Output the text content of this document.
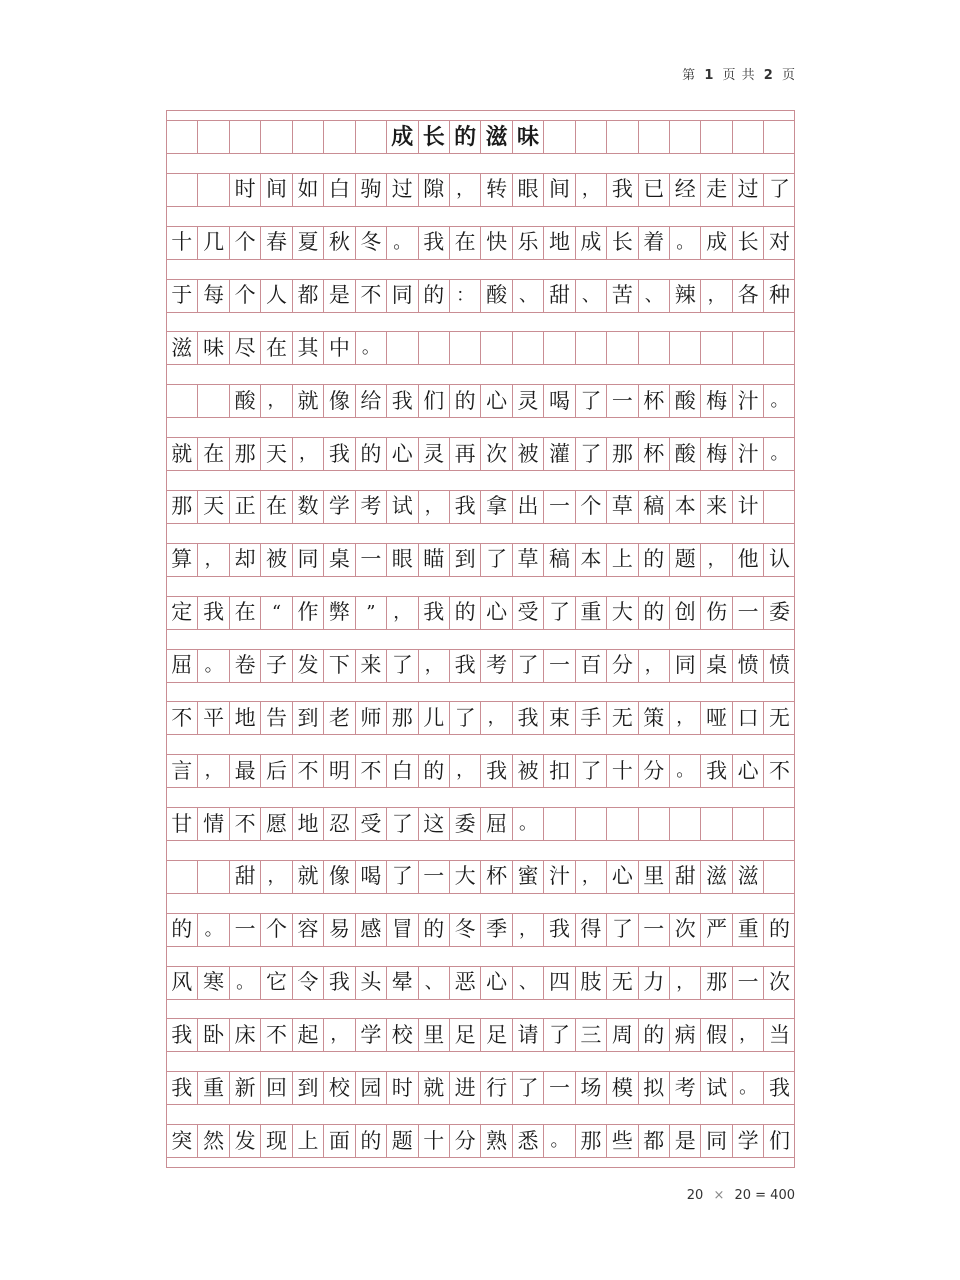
第 1 页 共 2 页
成 长 的 滋 味
时 间 如 白 驹 过 隙 ， 转 眼 间 ， 我 已 经 走 过 了
十 几 个 春 夏 秋 冬 。 我 在 快 乐 地 成 长 着 。 成 长 对
于 每 个 人 都 是 不 同 的 ： 酸 、 甜 、 苦 、 辣 ， 各 种
滋 味 尽 在 其 中 。
酸 ， 就 像 给 我 们 的 心 灵 喝 了 一 杯 酸 梅 汁 。
就 在 那 天 ， 我 的 心 灵 再 次 被 灌 了 那 杯 酸 梅 汁 。
那 天 正 在 数 学 考 试 ， 我 拿 出 一 个 草 稿 本 来 计
算 ， 却 被 同 桌 一 眼 瞄 到 了 草 稿 本 上 的 题 ， 他 认
定 我 在 “ 作 弊 ” ， 我 的 心 受 了 重 大 的 创 伤 一 委
屈 。 卷 子 发 下 来 了 ， 我 考 了 一 百 分 ， 同 桌 愤 愤
不 平 地 告 到 老 师 那 儿 了 ， 我 束 手 无 策 ， 哑 口 无
言 ， 最 后 不 明 不 白 的 ， 我 被 扣 了 十 分 。 我 心 不
甘 情 不 愿 地 忍 受 了 这 委 屈 。
甜 ， 就 像 喝 了 一 大 杯 蜜 汁 ， 心 里 甜 滋 滋
的 。 一 个 容 易 感 冒 的 冬 季 ， 我 得 了 一 次 严 重 的
风 寒 。 它 令 我 头 晕 、 恶 心 、 四 肢 无 力 ， 那 一 次
我 卧 床 不 起 ， 学 校 里 足 足 请 了 三 周 的 病 假 ， 当
我 重 新 回 到 校 园 时 就 进 行 了 一 场 模 拟 考 试 。 我
突 然 发 现 上 面 的 题 十 分 熟 悉 。 那 些 都 是 同 学 们
20 × 20 = 400
